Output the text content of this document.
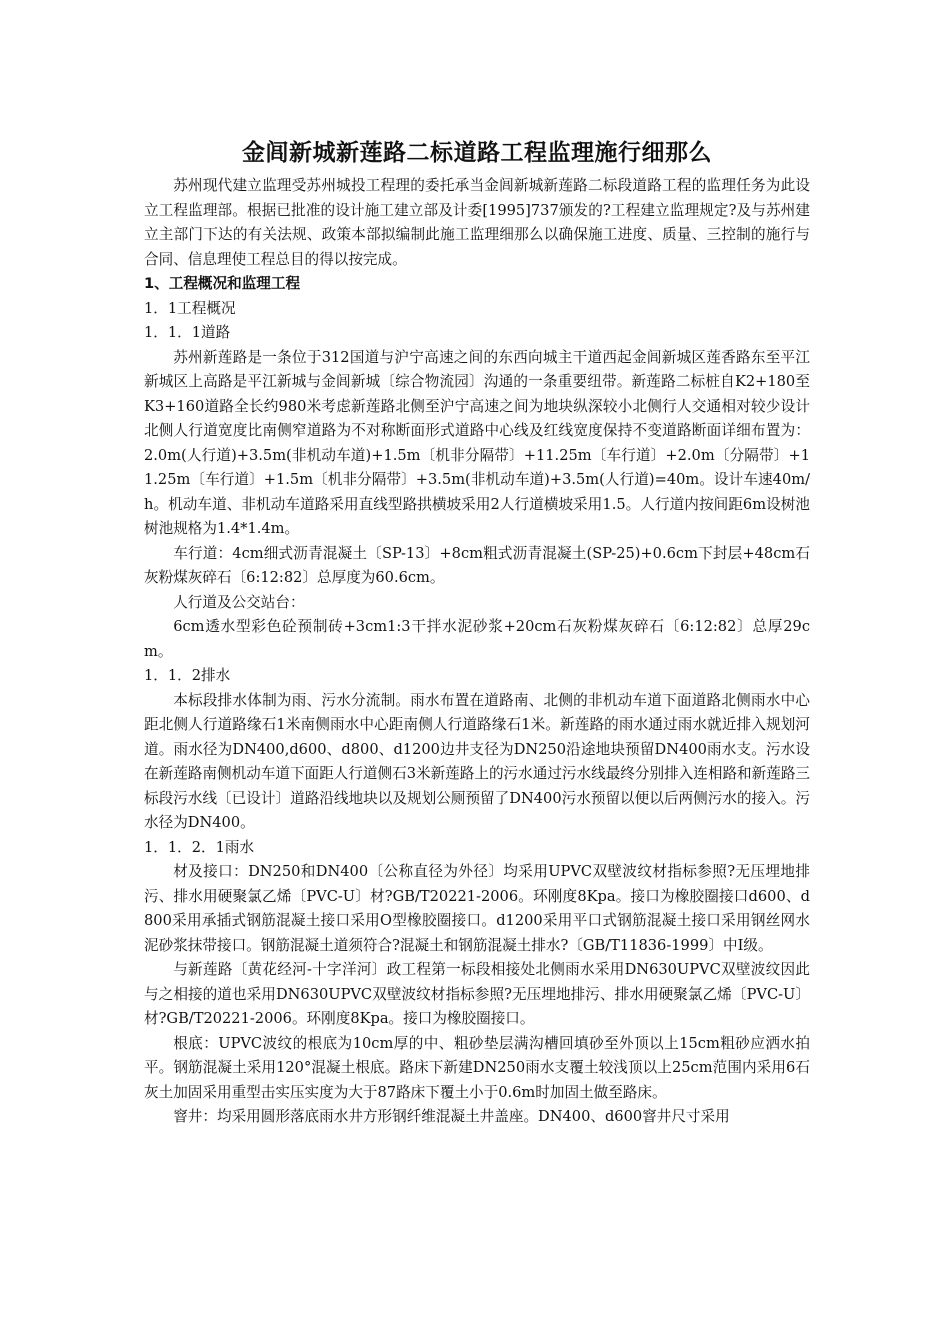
金闾新城新莲路二标道路工程监理施行细那么

苏州现代建立监理受苏州城投工程理的委托承当金闾新城新莲路二标段道路工程的监理任务为此设立工程监理部。根据已批准的设计施工建立部及计委[1995]737颁发的?工程建立监理规定?及与苏州建立主部门下达的有关法规、政策本部拟编制此施工监理细那么以确保施工进度、质量、三控制的施行与合同、信息理使工程总目的得以按完成。

1、工程概况和监理工程

1．1工程概况

1．1．1道路

苏州新莲路是一条位于312国道与沪宁高速之间的东西向城主干道西起金闾新城区莲香路东至平江新城区上高路是平江新城与金闾新城〔综合物流园〕沟通的一条重要纽带。新莲路二标桩自K2+180至K3+160道路全长约980米考虑新莲路北侧至沪宁高速之间为地块纵深较小北侧行人交通相对较少设计北侧人行道宽度比南侧窄道路为不对称断面形式道路中心线及红线宽度保持不变道路断面详细布置为：2.0m(人行道)+3.5m(非机动车道)+1.5m〔机非分隔带〕+11.25m〔车行道〕+2.0m〔分隔带〕+11.25m〔车行道〕+1.5m〔机非分隔带〕+3.5m(非机动车道)+3.5m(人行道)=40m。设计车速40m/h。机动车道、非机动车道路采用直线型路拱横坡采用2人行道横坡采用1.5。人行道内按间距6m设树池树池规格为1.4*1.4m。

车行道：4cm细式沥青混凝土〔SP-13〕+8cm粗式沥青混凝土(SP-25)+0.6cm下封层+48cm石灰粉煤灰碎石〔6:12:82〕总厚度为60.6cm。

人行道及公交站台：

6cm透水型彩色砼预制砖+3cm1:3干拌水泥砂浆+20cm石灰粉煤灰碎石〔6:12:82〕总厚29cm。

1．1．2排水

本标段排水体制为雨、污水分流制。雨水布置在道路南、北侧的非机动车道下面道路北侧雨水中心距北侧人行道路缘石1米南侧雨水中心距南侧人行道路缘石1米。新莲路的雨水通过雨水就近排入规划河道。雨水径为DN400,d600、d800、d1200边井支径为DN250沿途地块预留DN400雨水支。污水设在新莲路南侧机动车道下面距人行道侧石3米新莲路上的污水通过污水线最终分别排入连相路和新莲路三标段污水线〔已设计〕道路沿线地块以及规划公厕预留了DN400污水预留以便以后两侧污水的接入。污水径为DN400。

1．1．2．1雨水

材及接口：DN250和DN400〔公称直径为外径〕均采用UPVC双壁波纹材指标参照?无压埋地排污、排水用硬聚氯乙烯〔PVC-U〕材?GB/T20221-2006。环刚度8Kpa。接口为橡胶圈接口d600、d800采用承插式钢筋混凝土接口采用O型橡胶圈接口。d1200采用平口式钢筋混凝土接口采用钢丝网水泥砂浆抹带接口。钢筋混凝土道须符合?混凝土和钢筋混凝土排水?〔GB/T11836-1999〕中Ⅰ级。

与新莲路〔黄花经河-十字洋河〕政工程第一标段相接处北侧雨水采用DN630UPVC双壁波纹因此与之相接的道也采用DN630UPVC双壁波纹材指标参照?无压埋地排污、排水用硬聚氯乙烯〔PVC-U〕材?GB/T20221-2006。环刚度8Kpa。接口为橡胶圈接口。

根底：UPVC波纹的根底为10cm厚的中、粗砂垫层满沟槽回填砂至外顶以上15cm粗砂应洒水拍平。钢筋混凝土采用120°混凝土根底。路床下新建DN250雨水支覆土较浅顶以上25cm范围内采用6石灰土加固采用重型击实压实度为大于87路床下覆土小于0.6m时加固土做至路床。

窨井：均采用圆形落底雨水井方形钢纤维混凝土井盖座。DN400、d600窨井尺寸采用
